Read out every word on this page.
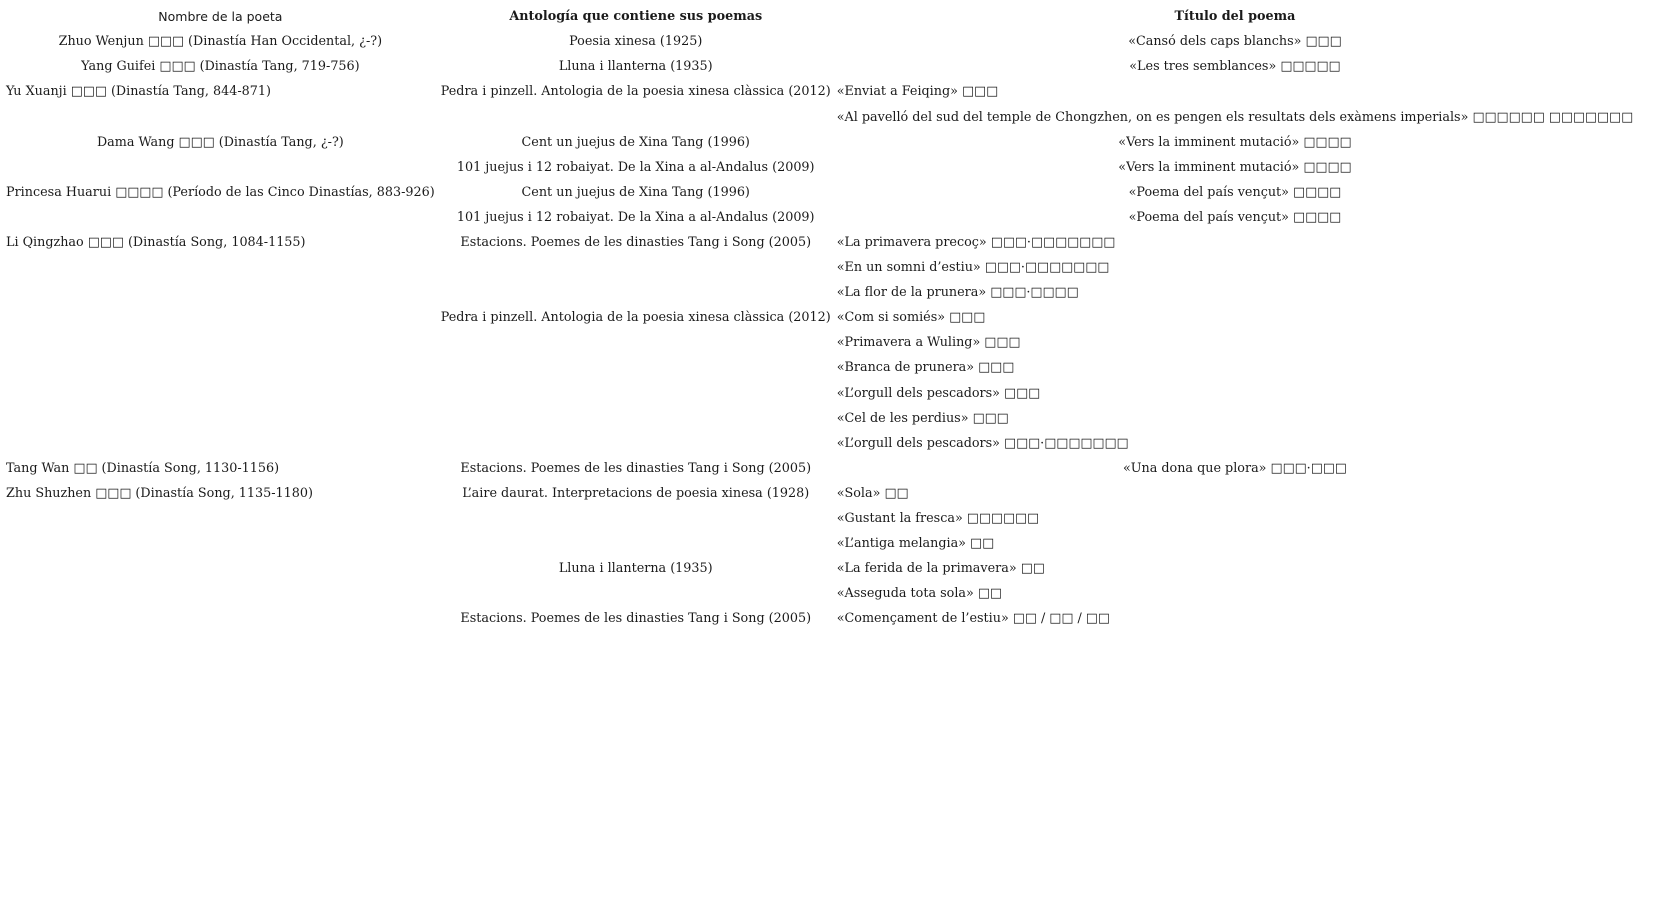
Nombre de la poeta	Antología que contiene sus poemas	Título del poema
Zhuo Wenjun □□□ (Dinastía Han Occidental, ¿-?)	Poesia xinesa (1925)	«Cansó dels caps blanchs» □□□
Yang Guifei □□□ (Dinastía Tang, 719-756)	Lluna i llanterna (1935)	«Les tres semblances» □□□□□
Yu Xuanji □□□ (Dinastía Tang, 844-871)	Pedra i pinzell. Antologia de la poesia xinesa clàssica (2012)	«Enviat a Feiqing» □□□
		«Al pavelló del sud del temple de Chongzhen, on es pengen els resultats dels exàmens imperials» □□□□□□ □□□□□□□
Dama Wang □□□ (Dinastía Tang, ¿-?)	Cent un juejus de Xina Tang (1996)	«Vers la imminent mutació» □□□□
	101 juejus i 12 robaiyat. De la Xina a al-Andalus (2009)	«Vers la imminent mutació» □□□□
Princesa Huarui □□□□ (Período de las Cinco Dinastías, 883-926)	Cent un juejus de Xina Tang (1996)	«Poema del país vençut» □□□□
	101 juejus i 12 robaiyat. De la Xina a al-Andalus (2009)	«Poema del país vençut» □□□□
Li Qingzhao □□□ (Dinastía Song, 1084-1155)	Estacions. Poemes de les dinasties Tang i Song (2005)	«La primavera precoç» □□□·□□□□□□□
		«En un somni d’estiu» □□□·□□□□□□□
		«La flor de la prunera» □□□·□□□□
	Pedra i pinzell. Antologia de la poesia xinesa clàssica (2012)	«Com si somiés» □□□
		«Primavera a Wuling» □□□
		«Branca de prunera» □□□
		«L’orgull dels pescadors» □□□
		«Cel de les perdius» □□□
		«L’orgull dels pescadors» □□□·□□□□□□□
Tang Wan □□ (Dinastía Song, 1130-1156)	Estacions. Poemes de les dinasties Tang i Song (2005)	«Una dona que plora» □□□·□□□
Zhu Shuzhen □□□ (Dinastía Song, 1135-1180)	L’aire daurat. Interpretacions de poesia xinesa (1928)	«Sola» □□
		«Gustant la fresca» □□□□□□
		«L’antiga melangia» □□
	Lluna i llanterna (1935)	«La ferida de la primavera» □□
		«Asseguda tota sola» □□
	Estacions. Poemes de les dinasties Tang i Song (2005)	«Començament de l’estiu» □□ / □□ / □□
